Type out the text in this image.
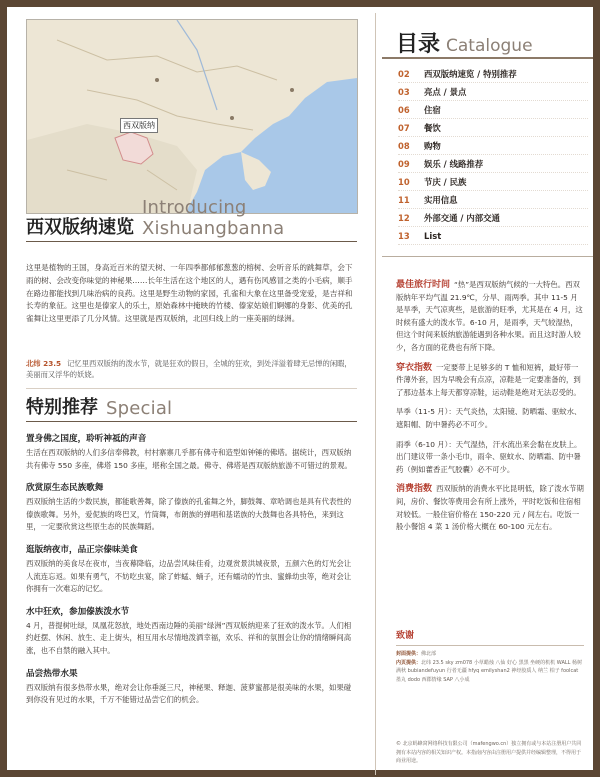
西双版纳
西双版纳速览
Introducing Xishuangbanna
这里是植物的王国，身高近百米的望天树、一年四季都郁郁葱葱的榕树、会听音乐的跳舞草，会下雨的树、会改变你味觉的神秘果……长年生活在这个地区的人，遇有伤风感冒之类的小毛病，顺手在路边都能找到几味治病的良药。这里是野生动物的家园，孔雀和大象在这里备受宠爱，是吉祥和长寿的象征。这里也是傣家人的乐土，原始森林中掩映的竹楼、傣家姑娘们婀娜的身影、优美的孔雀舞让这里更添了几分风情。这里就是西双版纳，北回归线上的一座美丽的绿洲。
北纬 23.5 记忆里西双版纳的泼水节，就是狂欢的假日，全城的狂欢，到处洋溢着肆无忌惮的闲暇，美丽而又浮华的妖娆。
特别推荐 Special
置身佛之国度，聆听神祗的声音
生活在西双版纳的人们多信奉佛教，村村寨寨几乎都有佛寺和造型如钟锤的佛塔。据统计，西双版纳共有佛寺 550 多座，佛塔 150 多座，堪称全国之最。佛寺、佛塔是西双版纳旅游不可错过的景观。
欣赏原生态民族歌舞
西双版纳生活的少数民族，都能歌善舞，除了傣族的孔雀舞之外，脚鼓舞、章哈调也是具有代表性的傣族歌舞。另外，爱伲族的咚巴叉，竹筒舞，布朗族的弹唱和基诺族的大鼓舞也各具特色，来到这里，一定要欣赏这些原生态的民族舞蹈。
逛版纳夜市，品正宗傣味美食
西双版纳的美食尽在夜市，当夜幕降临，边品尝风味佳肴，边观赏景洪城夜景，五颜六色的灯光会让人流连忘返。如果有勇气，不妨吃虫宴，除了蚱蜢、蛹子，还有蠕动的竹虫、蜜蜂幼虫等，绝对会让你拥有一次难忘的记忆。
水中狂欢，参加傣族泼水节
4 月，普提树吐绿，凤凰花怒放，地处西南边陲的美丽“绿洲”西双版纳迎来了狂欢的泼水节。人们相约赶摆、休闲、放生、走上街头，相互用水尽情地泼洒幸福，欢乐、祥和的氛围会让你的情绪瞬间高涨，也不自禁的融入其中。
品尝热带水果
西双版纳有很多热带水果，绝对会让你垂涎三尺，神秘果、释迦、菠萝蜜都是很美味的水果，如果碰到你没有见过的水果，千万不能错过品尝它们的机会。
目录 Catalogue
02	西双版纳速览 / 特别推荐
03	亮点 / 景点
06	住宿
07	餐饮
08	购物
09	娱乐 / 线路推荐
10	节庆 / 民族
11	实用信息
12	外部交通 / 内部交通
13	List
最佳旅行时间 “热”是西双版纳气候的一大特色。西双版纳年平均气温 21.9℃，分旱、雨两季。其中 11-5 月是旱季，天气凉爽些，是旅游的旺季，尤其是在 4 月，这时候有盛大的泼水节。6-10 月，是雨季，天气较湿热，但这个时间来版纳旅游能遇到各种水果。而且这时游人较少，各方面的花费也有所下降。
穿衣指数 一定要带上足够多的 T 恤和短裤，最好带一件薄外套，因为早晚会有点凉，凉鞋是一定要准备的，到了那边基本上每天都穿凉鞋，运动鞋是绝对无法忍受的。
旱季（11-5 月）：天气炎热，太阳镜、防晒霜、驱蚊水、遮阳帽、防中暑药必不可少。
雨季（6-10 月）：天气湿热，汗水流出来会黏在皮肤上。出门建议带一条小毛巾，雨伞、驱蚊水、防晒霜、防中暑药（例如藿香正气胶囊）必不可少。
消费指数 西双版纳的消费水平比昆明低，除了泼水节期间，房价、餐饮等费用会有所上涨外，平时吃饭和住宿相对较低。一般住宿价格在 150-220 元 / 间左右。吃饭一般小餐馆 4 菜 1 汤价格大概在 60-100 元左右。
致谢
封面提供：佛北部
内页提供：北纬 23.5 sky zm078 小草蜡烛 八仙 好心 黑黑 坐硬的机机 WALL 杨树满秋 bubiandefuyun 行者无疆 hfyq emilyshan2 神经胶质人 纳兰 柏子 foolcat 墨丸 dodo 西郡情缘 SAP 八小成
© 北京蚂蜂窝网络科技有限公司（mafengwo.cn）独立拥有或与本站注册用户共同拥有本站内容的相关知识产权。本指南内容由注册用户提供并经编辑整理，不得用于商业用途。
